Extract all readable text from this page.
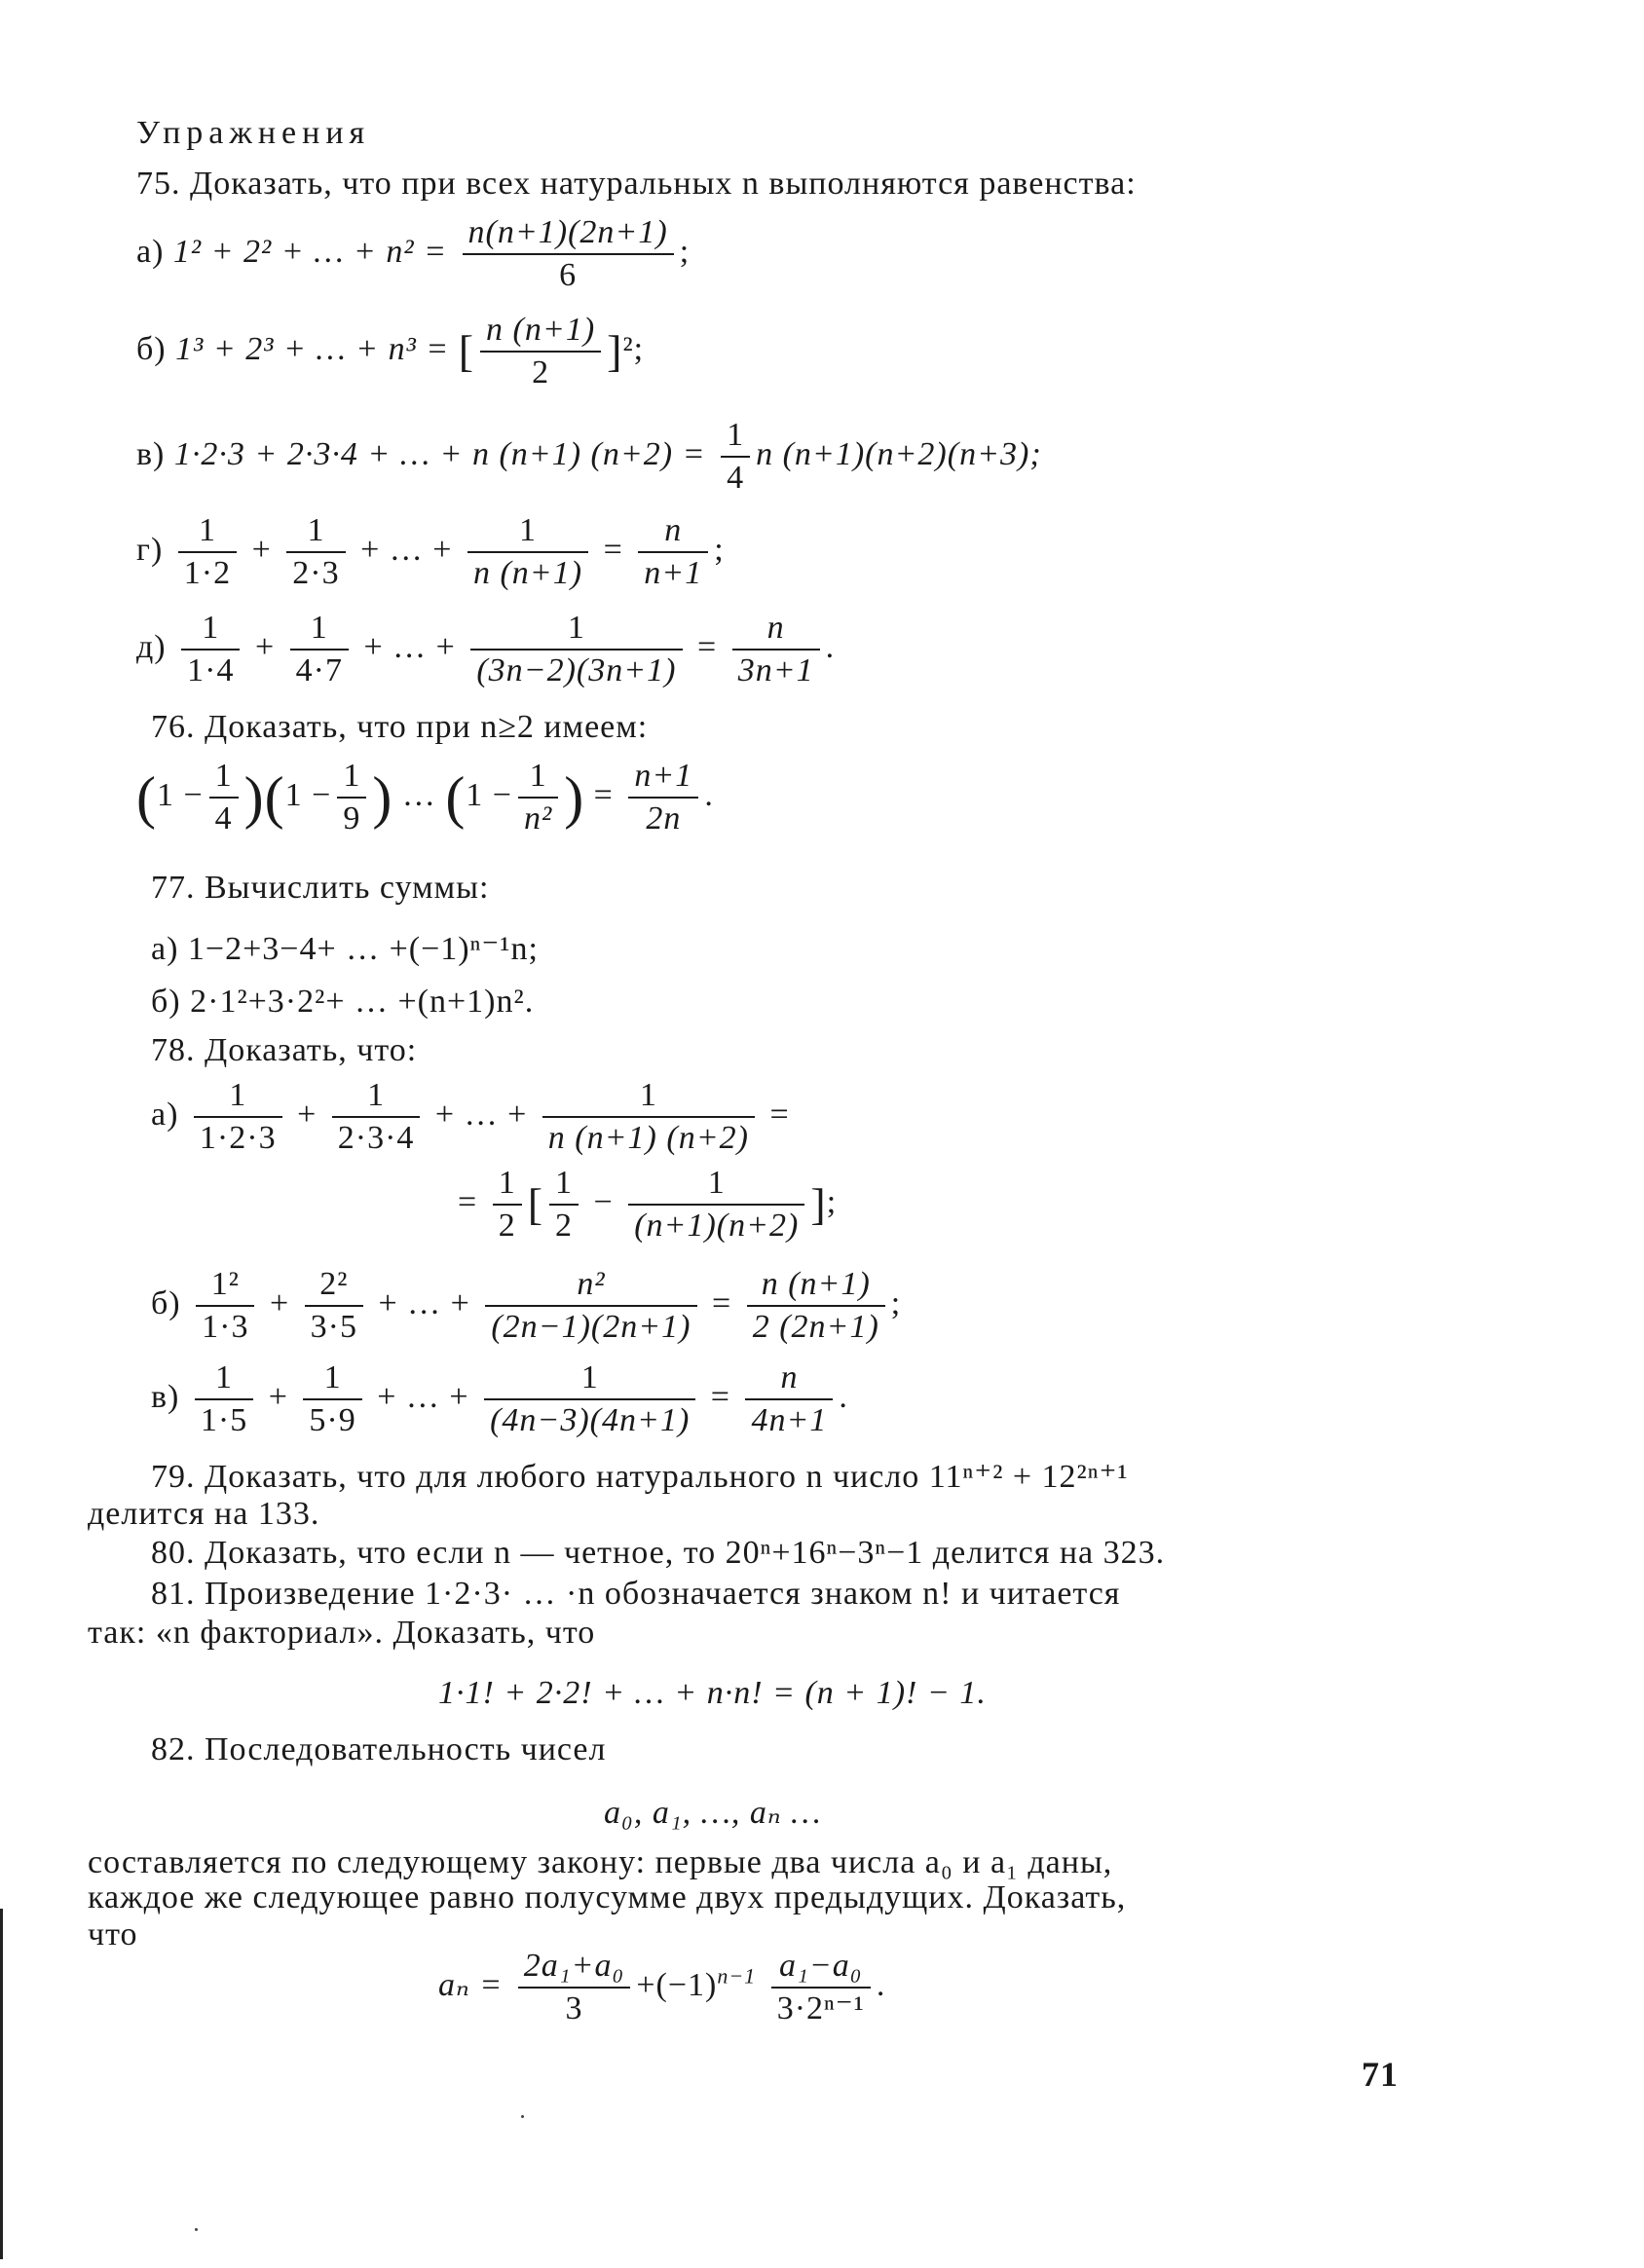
Упражнения
75. Доказать, что при всех натуральных n выполняются равенства:
а) 1² + 2² + … + $n^2 = \frac{n(n+1)(2n+1)}{6}$ ;
б) 1³ + 2³ + … + n³ = [ $\frac{n (n+1)}{2} ]^2$;
в) 1·2·3 + 2·3·4 + … + n (n+1) $(n+2) = \frac{1}{4}$ n (n+1)(n+2)(n+3);
$г) \frac{1}{1\cdot 2} + \frac{1}{2\cdot 3}$ + … + $\frac{1}{n (n+1)} = \frac{n}{n+1}$ ;
$д) \frac{1}{1\cdot 4} + \frac{1}{4\cdot 7}$ + … + $\frac{1}{(3n-2)(3n+1)} = \frac{n}{3n+1}$ .
76. Доказать, что при n≥2 имеем:
$(1 - \frac{1}{4} )(1 - \frac{1}{9}$ ) … ($1 - \frac{1}{\text{n²}}$ ) = $\frac{n+1}{2n}$ .
77. Вычислить суммы:
а) 1−2+3−4+ … +(−1)ⁿ⁻¹n;
б) 2·1²+3·2²+ … +(n+1)n².
78. Доказать, что:
$а) \frac{1}{1\cdot 2\cdot 3} + \frac{1}{2\cdot 3\cdot 4}$ + … + $\frac{1}{n (n+1) (n+2)}$ =
= $\frac{1}{2}$ [ $\frac{1}{2} - \frac{1}{(n+1)(n+2)}$ ];
$б) \frac{\text{1²}}{1\cdot 3} + \frac{\text{2²}}{3\cdot 5}$ + … + $\frac{\text{n²}}{(2n-1)(2n+1)} = \frac{n (n+1)}{2 (2n+1)}$ ;
$в) \frac{1}{1\cdot 5} + \frac{1}{5\cdot 9}$ + … + $\frac{1}{(4n-3)(4n+1)} = \frac{n}{4n+1}$ .
79. Доказать, что для любого натурального n число 11ⁿ⁺² + 12²ⁿ⁺¹
делится на 133.
80. Доказать, что если n — четное, то 20ⁿ+16ⁿ−3ⁿ−1 делится на 323.
81. Произведение 1·2·3· … ·n обозначается знаком n! и читается
так: «n факториал». Доказать, что
1·1! + 2·2! + … + n·n! = (n + 1)! − 1.
82. Последовательность чисел
a₀, a₁, …, aₙ …
составляется по следующему закону: первые два числа a₀ и a₁ даны,
каждое же следующее равно полусумме двух предыдущих. Доказать,
что
$a_n = \frac{\text{2a₁+a₀}}{3} +(-1)^{n-1} \frac{\text{a₁−a₀}}{\text{3·2ⁿ⁻¹}}$ .
71
